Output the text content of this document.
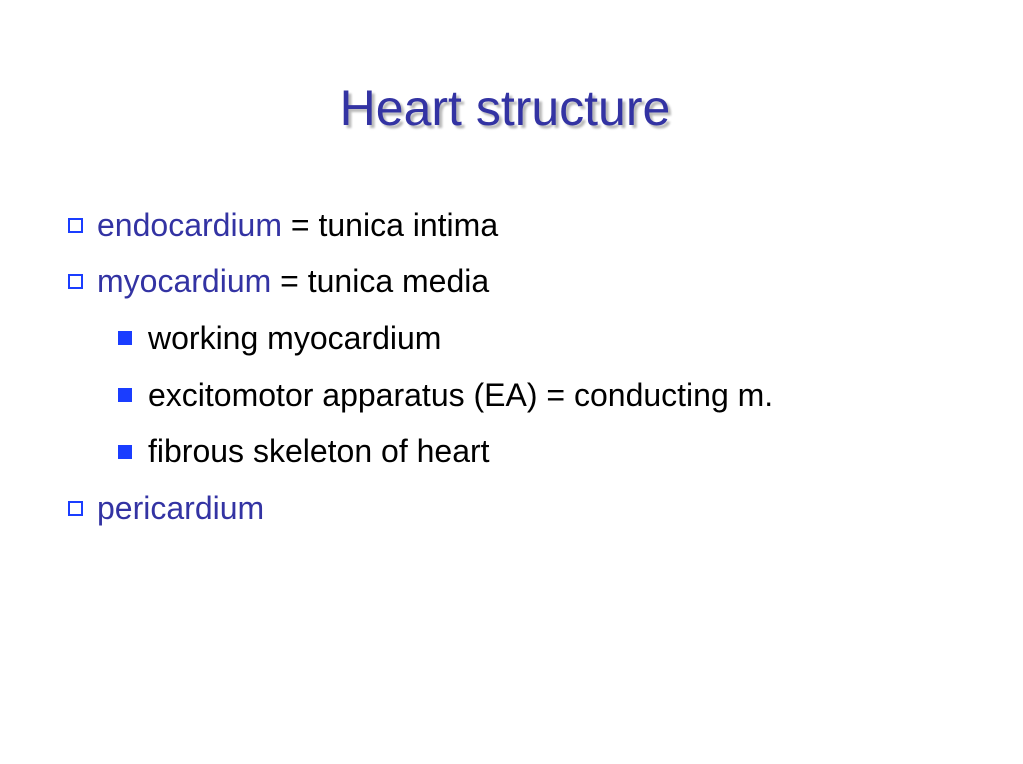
Heart structure
endocardium = tunica intima
myocardium = tunica media
working myocardium
excitomotor apparatus (EA) = conducting m.
fibrous skeleton of heart
pericardium
